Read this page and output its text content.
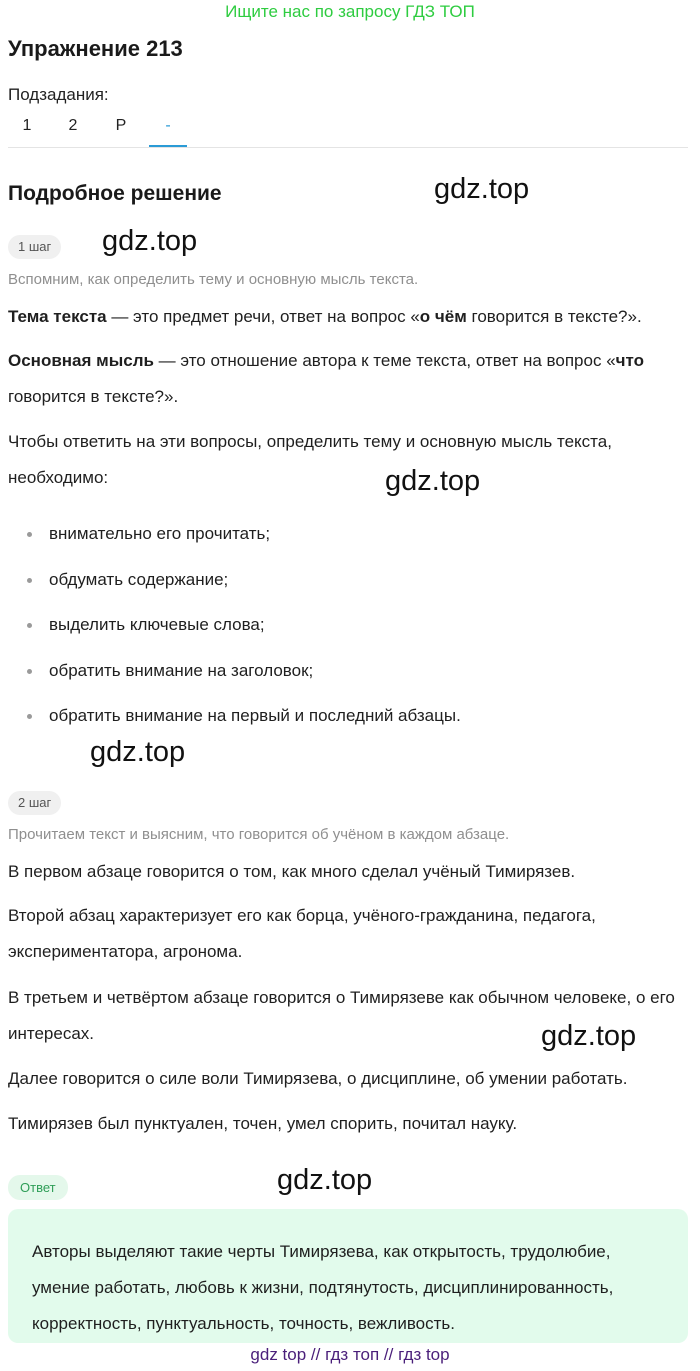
Ищите нас по запросу ГДЗ ТОП
Упражнение 213
Подзадания:
1	2	Р	-
Подробное решение	gdz.top
gdz.top
gdz.top
gdz.top
gdz.top
gdz.top
1 шаг
Вспомним, как определить тему и основную мысль текста.
Тема текста — это предмет речи, ответ на вопрос «о чём говорится в тексте?».
Основная мысль — это отношение автора к теме текста, ответ на вопрос «что говорится в тексте?».
Чтобы ответить на эти вопросы, определить тему и основную мысль текста, необходимо:
внимательно его прочитать;
обдумать содержание;
выделить ключевые слова;
обратить внимание на заголовок;
обратить внимание на первый и последний абзацы.
2 шаг
Прочитаем текст и выясним, что говорится об учёном в каждом абзаце.
В первом абзаце говорится о том, как много сделал учёный Тимирязев.
Второй абзац характеризует его как борца, учёного-гражданина, педагога, экспериментатора, агронома.
В третьем и четвёртом абзаце говорится о Тимирязеве как обычном человеке, о его интересах.
Далее говорится о силе воли Тимирязева, о дисциплине, об умении работать.
Тимирязев был пунктуален, точен, умел спорить, почитал науку.
Ответ
Авторы выделяют такие черты Тимирязева, как открытость, трудолюбие, умение работать, любовь к жизни, подтянутость, дисциплинированность, корректность, пунктуальность, точность, вежливость.
gdz top // гдз топ // гдз top
